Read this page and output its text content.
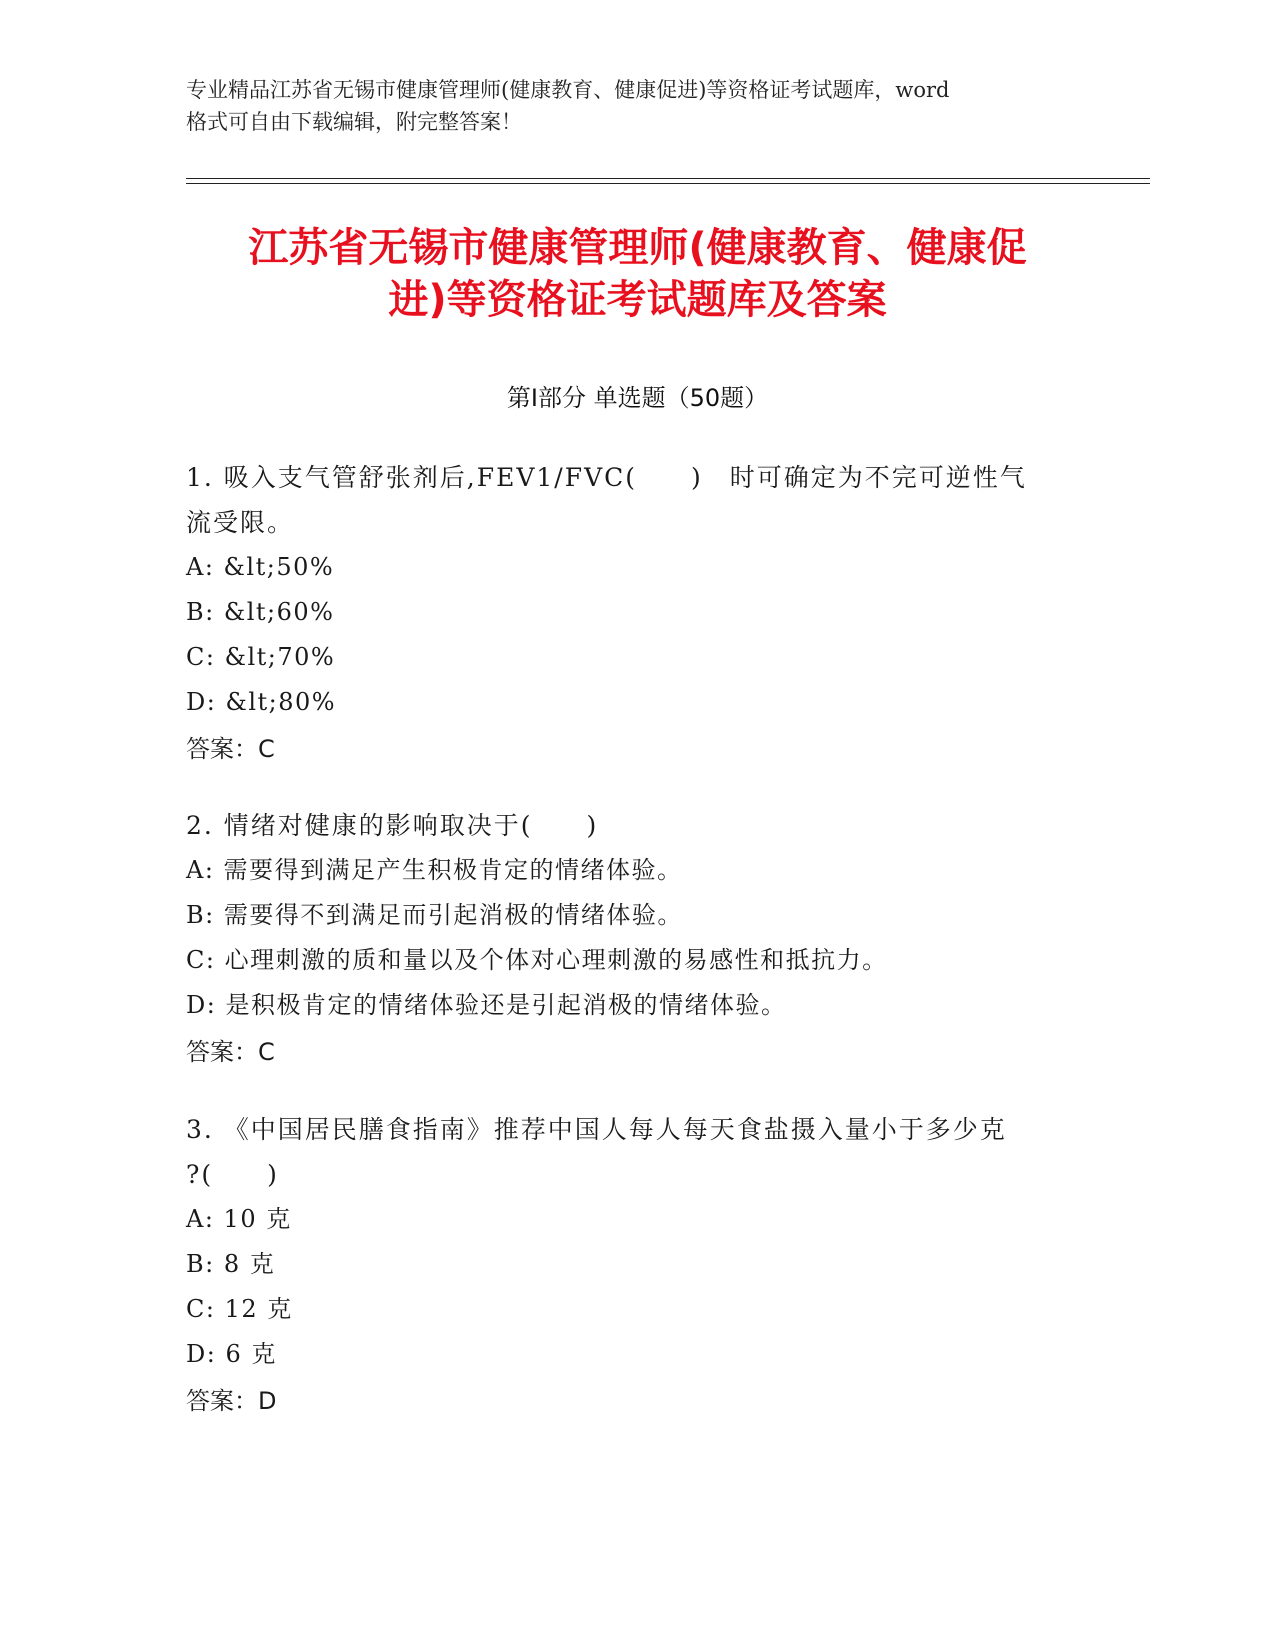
专业精品江苏省无锡市健康管理师(健康教育、健康促进)等资格证考试题库，word
格式可自由下载编辑，附完整答案！
江苏省无锡市健康管理师(健康教育、健康促
进)等资格证考试题库及答案
第Ⅰ部分 单选题（50题）
1. 吸入支气管舒张剂后,FEV1/FVC(　　)　时可确定为不完可逆性气
流受限。
A: &lt;50%
B: &lt;60%
C: &lt;70%
D: &lt;80%
答案：C
2. 情绪对健康的影响取决于(　　)
A: 需要得到满足产生积极肯定的情绪体验。
B: 需要得不到满足而引起消极的情绪体验。
C: 心理刺激的质和量以及个体对心理刺激的易感性和抵抗力。
D: 是积极肯定的情绪体验还是引起消极的情绪体验。
答案：C
3. 《中国居民膳食指南》推荐中国人每人每天食盐摄入量小于多少克
?(　　)
A: 10 克
B: 8 克
C: 12 克
D: 6 克
答案：D
